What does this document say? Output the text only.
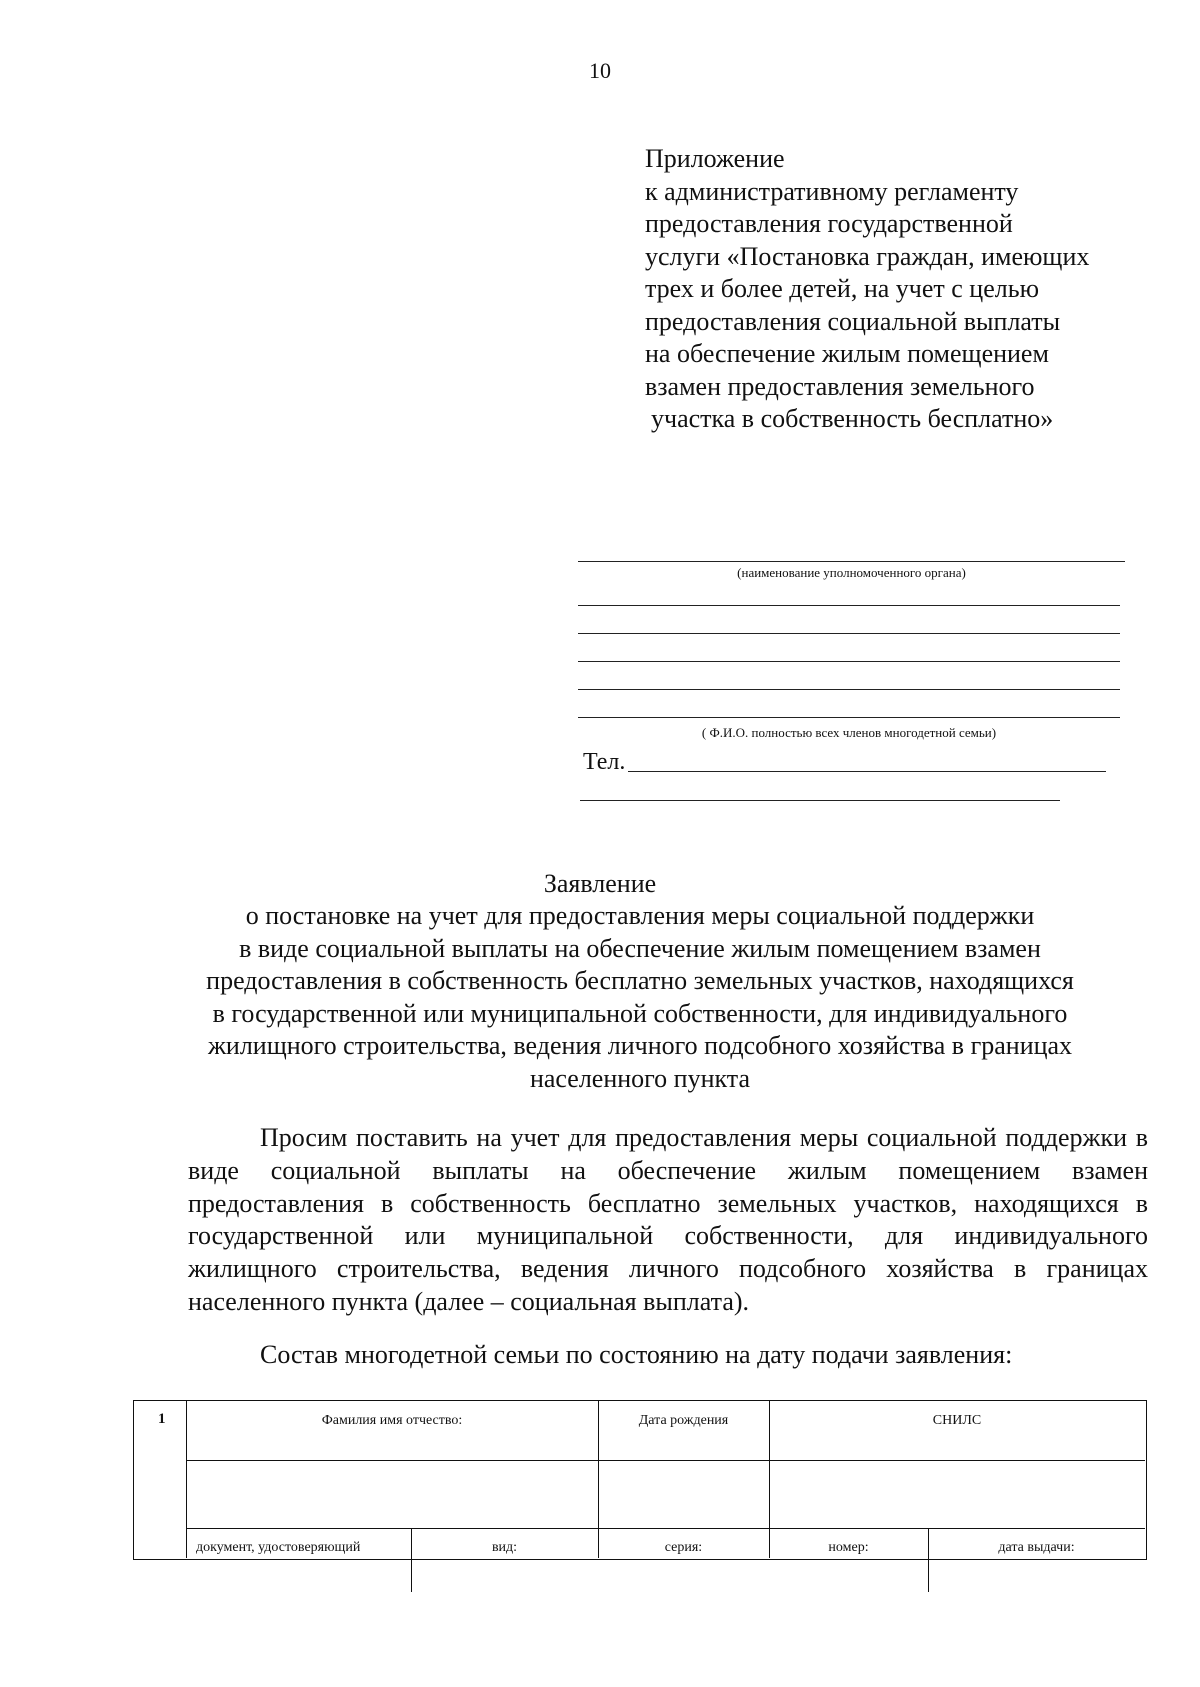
10
Приложение
к административному регламенту
предоставления государственной
услуги «Постановка граждан, имеющих
трех и более детей, на учет с целью
предоставления социальной выплаты
на обеспечение жилым помещением
взамен предоставления земельного
участка в собственность бесплатно»
(наименование уполномоченного органа)
( Ф.И.О. полностью всех членов многодетной семьи)
Тел.
Заявление
о постановке на учет для предоставления меры социальной поддержки
в виде социальной выплаты на обеспечение жилым помещением взамен
предоставления в собственность бесплатно земельных участков, находящихся
в государственной или муниципальной собственности, для индивидуального
жилищного строительства, ведения личного подсобного хозяйства в границах
населенного пункта

Просим поставить на учет для предоставления меры социальной поддержки в виде социальной выплаты на обеспечение жилым помещением взамен предоставления в собственность бесплатно земельных участков, находящихся в государственной или муниципальной собственности, для индивидуального жилищного строительства, ведения личного подсобного хозяйства в границах населенного пункта (далее – социальная выплата).

Состав многодетной семьи по состоянию на дату подачи заявления:
1	Фамилия имя отчество:	Дата рождения	СНИЛС
документ, удостоверяющий	вид:	серия:	номер:	дата выдачи:
